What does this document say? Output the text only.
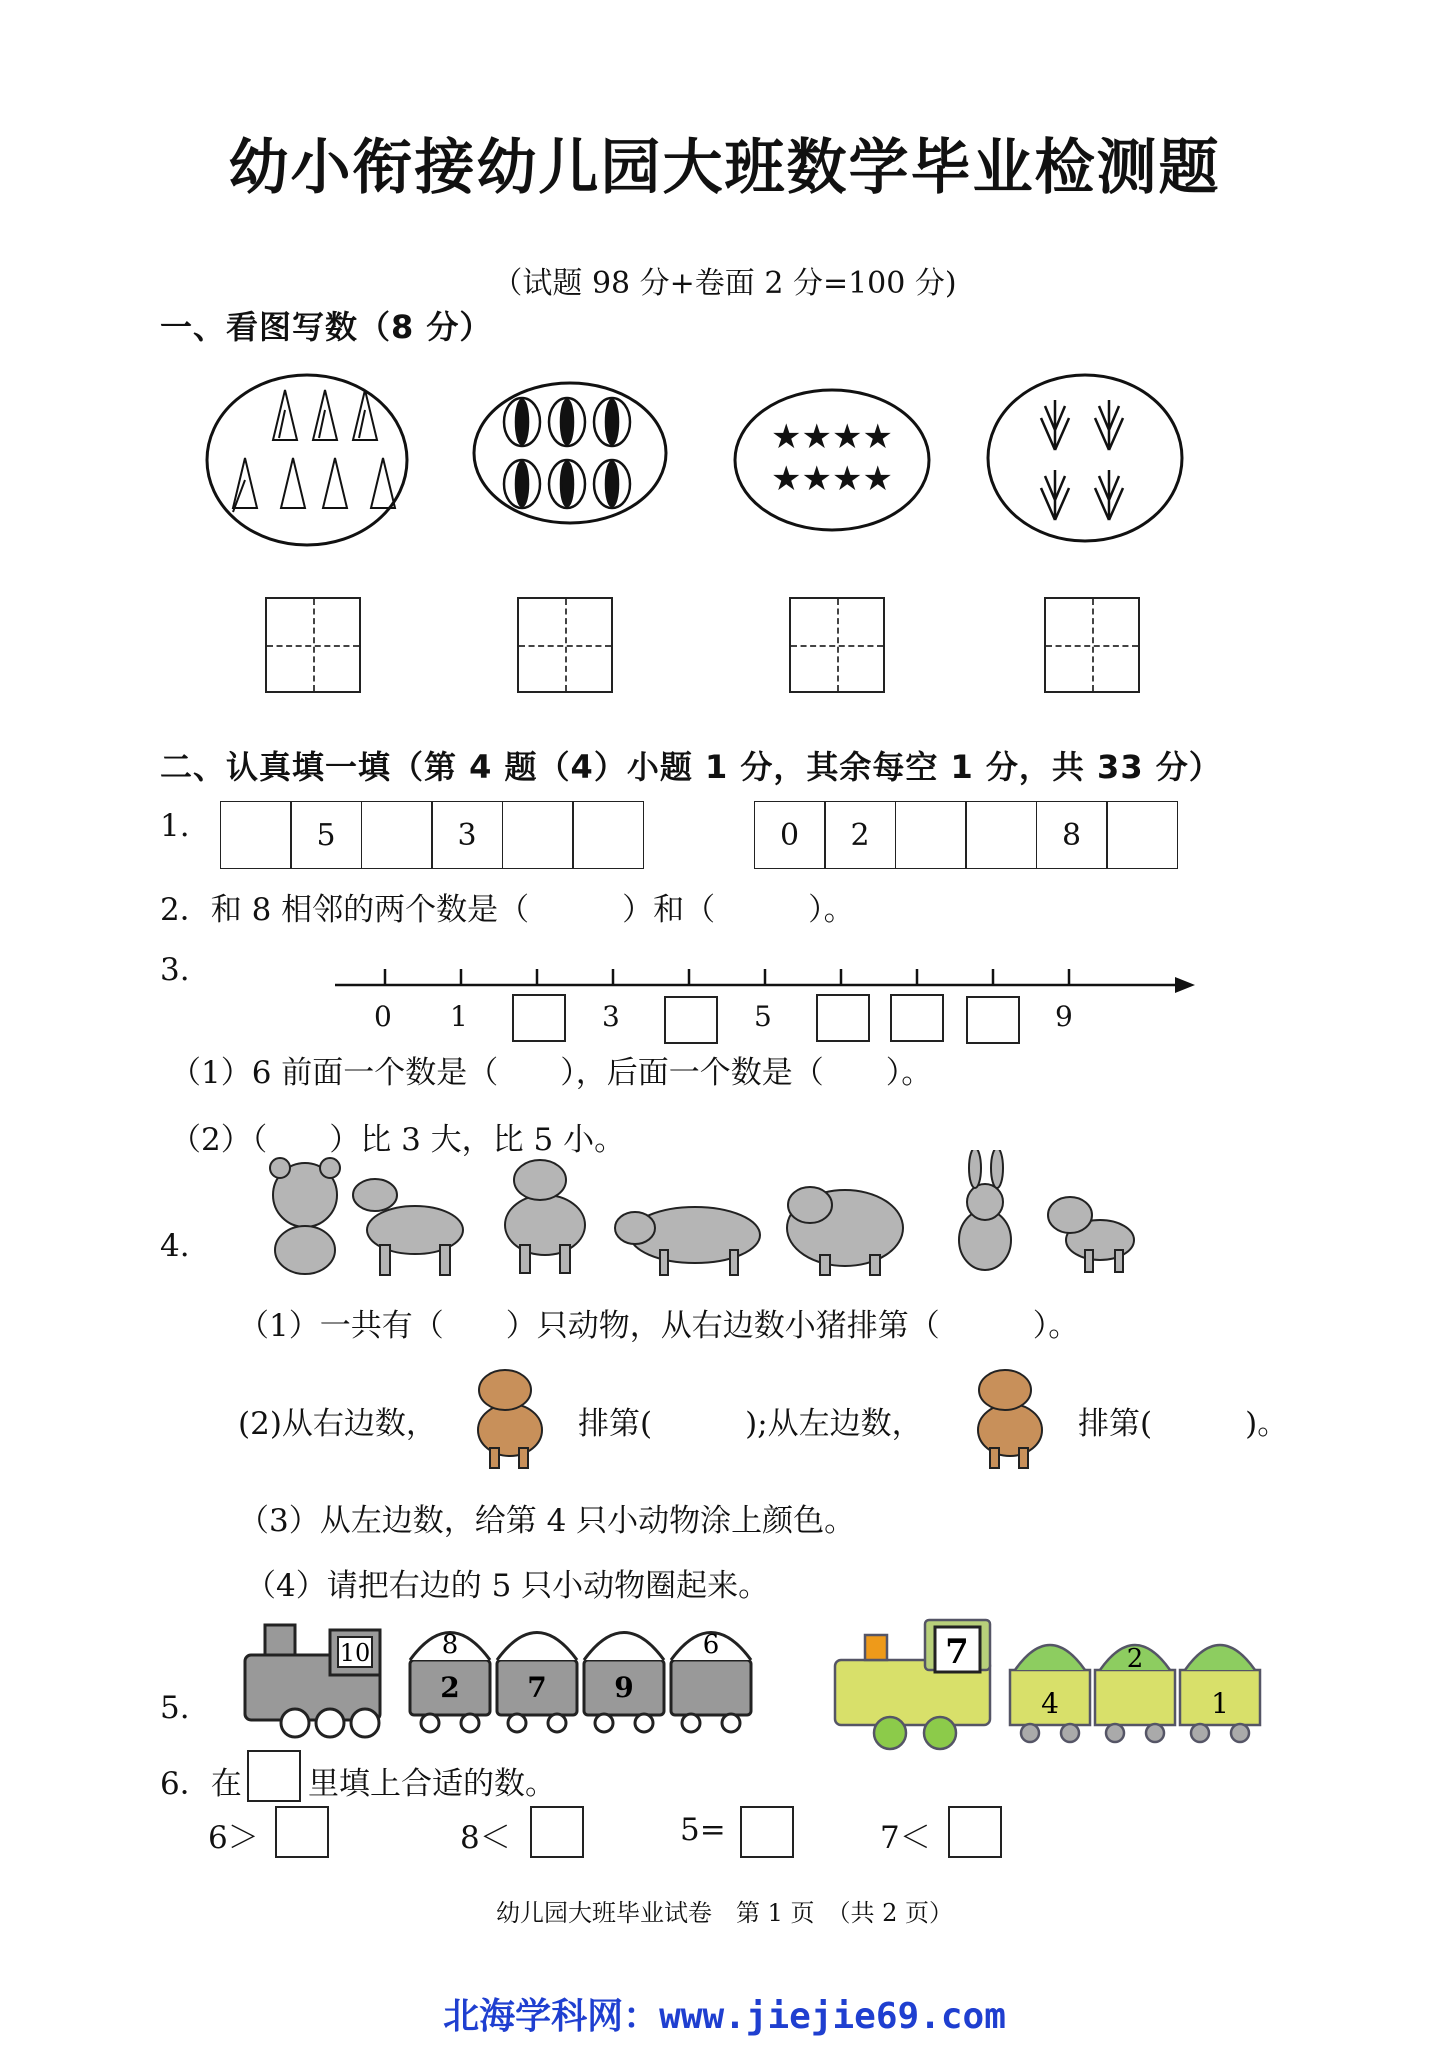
幼小衔接幼儿园大班数学毕业检测题
（试题 98 分+卷面 2 分=100 分)
一、看图写数（8 分）
★★★★
★★★★
二、认真填一填（第 4 题（4）小题 1 分，其余每空 1 分，共 33 分）
1.	5	3	0	2	8
2．和 8 相邻的两个数是（　　　）和（　　　）。
3.
0 1	3	5	9
（1）6 前面一个数是（　　），后面一个数是（　　）。
（2）（　　）比 3 大，比 5 小。
4.
（1）一共有（　　）只动物，从右边数小猪排第（　　　）。
(2)从右边数，	排第(　　　);从左边数，	排第(　　　)。
（3）从左边数，给第 4 只小动物涂上颜色。
（4）请把右边的 5 只小动物圈起来。
5.
10	8
2 7 9
6	7
4
2
1
6．在 里填上合适的数。
6＞	8＜	5=	7＜
幼儿园大班毕业试卷　第 1 页　（共 2 页）
北海学科网：www.jiejie69.com
